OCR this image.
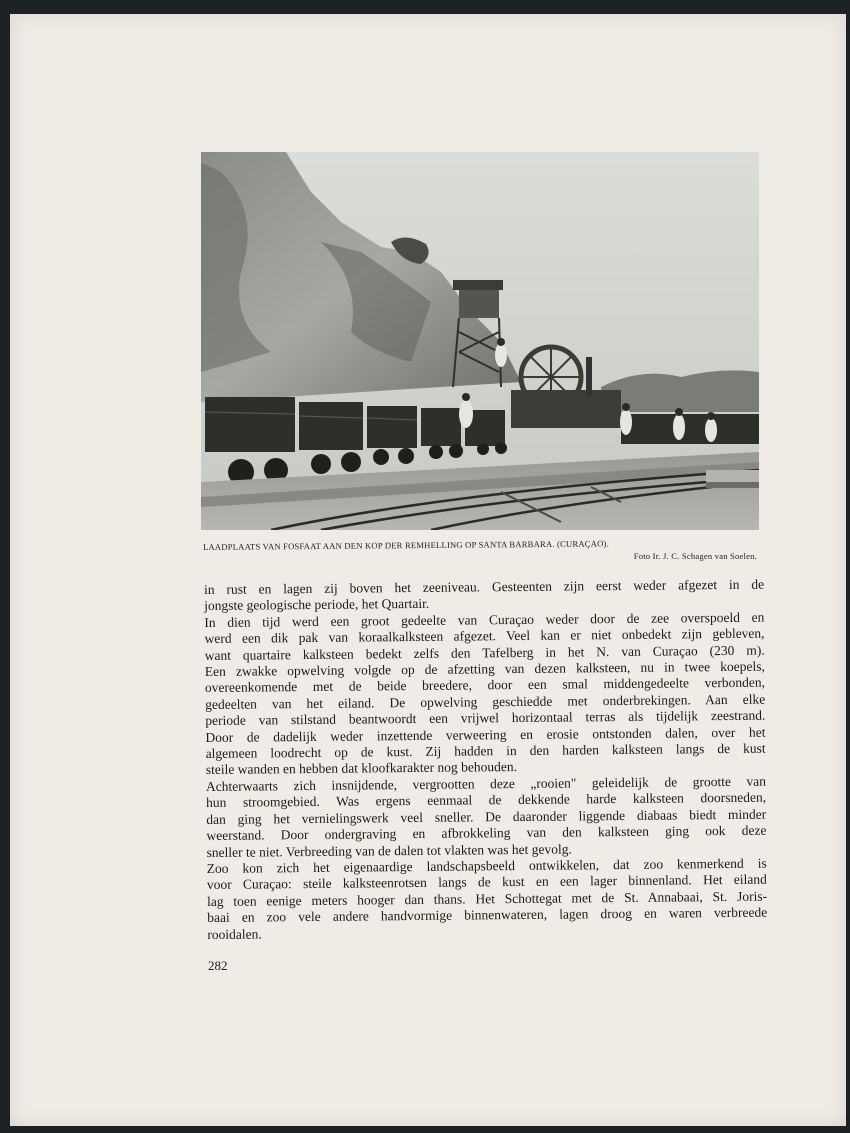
LAADPLAATS VAN FOSFAAT AAN DEN KOP DER REMHELLING OP SANTA BARBARA. (CURAÇAO).
Foto Ir. J. C. Schagen van Soelen.
in rust en lagen zij boven het zeeniveau. Gesteenten zijn eerst weder afgezet in de
jongste geologische periode, het Quartair.
In dien tijd werd een groot gedeelte van Curaçao weder door de zee overspoeld en
werd een dik pak van koraalkalksteen afgezet. Veel kan er niet onbedekt zijn gebleven,
want quartaire kalksteen bedekt zelfs den Tafelberg in het N. van Curaçao (230 m).
Een zwakke opwelving volgde op de afzetting van dezen kalksteen, nu in twee koepels,
overeenkomende met de beide breedere, door een smal middengedeelte verbonden,
gedeelten van het eiland. De opwelving geschiedde met onderbrekingen. Aan elke
periode van stilstand beantwoordt een vrijwel horizontaal terras als tijdelijk zeestrand.
Door de dadelijk weder inzettende verweering en erosie ontstonden dalen, over het
algemeen loodrecht op de kust. Zij hadden in den harden kalksteen langs de kust
steile wanden en hebben dat kloofkarakter nog behouden.
Achterwaarts zich insnijdende, vergrootten deze „rooien" geleidelijk de grootte van
hun stroomgebied. Was ergens eenmaal de dekkende harde kalksteen doorsneden,
dan ging het vernielingswerk veel sneller. De daaronder liggende diabaas biedt minder
weerstand. Door ondergraving en afbrokkeling van den kalksteen ging ook deze
sneller te niet. Verbreeding van de dalen tot vlakten was het gevolg.
Zoo kon zich het eigenaardige landschapsbeeld ontwikkelen, dat zoo kenmerkend is
voor Curaçao: steile kalksteenrotsen langs de kust en een lager binnenland. Het eiland
lag toen eenige meters hooger dan thans. Het Schottegat met de St. Annabaai, St. Joris-
baai en zoo vele andere handvormige binnenwateren, lagen droog en waren verbreede
rooidalen.
282
